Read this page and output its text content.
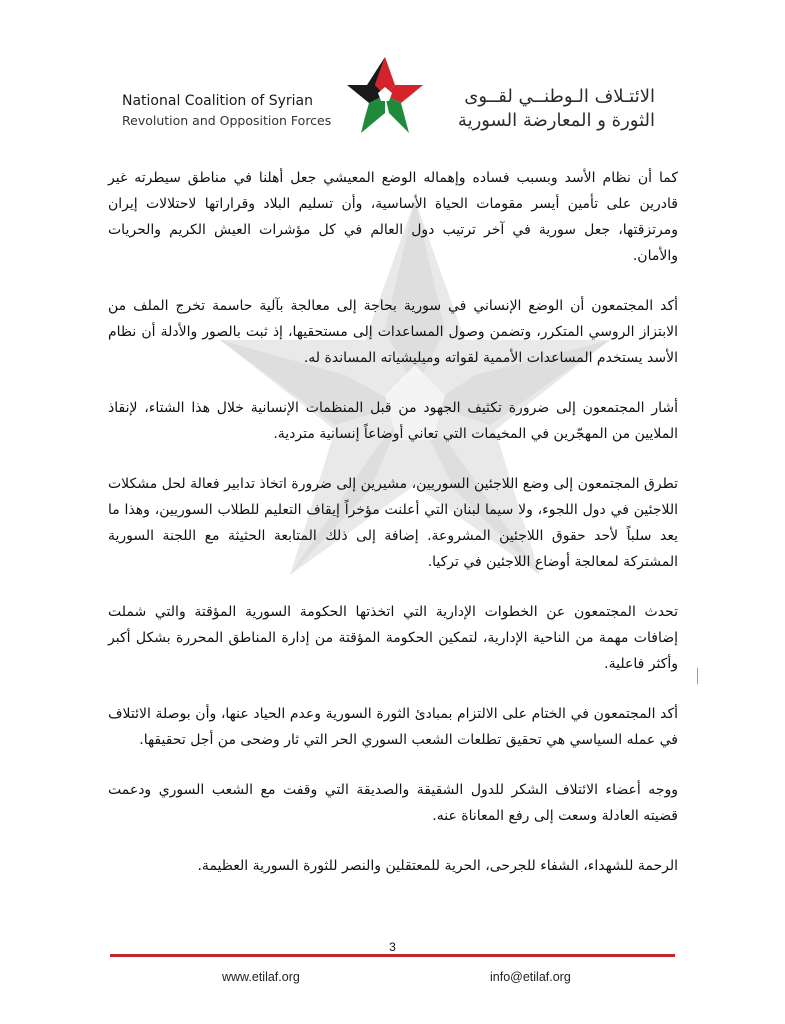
National Coalition of Syrian
Revolution and Opposition Forces
الائتـلاف الـوطنــي لقــوى
الثورة و المعارضة السورية

كما أن نظام الأسد وبسبب فساده وإهماله الوضع المعيشي جعل أهلنا في مناطق سيطرته غير قادرين على تأمين أيسر مقومات الحياة الأساسية، وأن تسليم البلاد وقراراتها لاحتلالات إيران ومرتزقتها، جعل سورية في آخر ترتيب دول العالم في كل مؤشرات العيش الكريم والحريات والأمان.

أكد المجتمعون أن الوضع الإنساني في سورية بحاجة إلى معالجة بآلية حاسمة تخرج الملف من الابتزاز الروسي المتكرر، وتضمن وصول المساعدات إلى مستحقيها، إذ ثبت بالصور والأدلة أن نظام الأسد يستخدم المساعدات الأممية لقواته وميليشياته المساندة له.

أشار المجتمعون إلى ضرورة تكثيف الجهود من قبل المنظمات الإنسانية خلال هذا الشتاء، لإنقاذ الملايين من المهجّرين في المخيمات التي تعاني أوضاعاً إنسانية متردية.

تطرق المجتمعون إلى وضع اللاجئين السوريين، مشيرين إلى ضرورة اتخاذ تدابير فعالة لحل مشكلات اللاجئين في دول اللجوء، ولا سيما لبنان التي أعلنت مؤخراً إيقاف التعليم للطلاب السوريين، وهذا ما يعد سلباً لأحد حقوق اللاجئين المشروعة. إضافة إلى ذلك المتابعة الحثيثة مع اللجنة السورية المشتركة لمعالجة أوضاع اللاجئين في تركيا.

تحدث المجتمعون عن الخطوات الإدارية التي اتخذتها الحكومة السورية المؤقتة والتي شملت إضافات مهمة من الناحية الإدارية، لتمكين الحكومة المؤقتة من إدارة المناطق المحررة بشكل أكبر وأكثر فاعلية.

أكد المجتمعون في الختام على الالتزام بمبادئ الثورة السورية وعدم الحياد عنها، وأن بوصلة الائتلاف في عمله السياسي هي تحقيق تطلعات الشعب السوري الحر التي ثار وضحى من أجل تحقيقها.

ووجه أعضاء الائتلاف الشكر للدول الشقيقة والصديقة التي وقفت مع الشعب السوري ودعمت قضيته العادلة وسعت إلى رفع المعاناة عنه.

الرحمة للشهداء، الشفاء للجرحى، الحرية للمعتقلين والنصر للثورة السورية العظيمة.

3
www.etilaf.org	info@etilaf.org
